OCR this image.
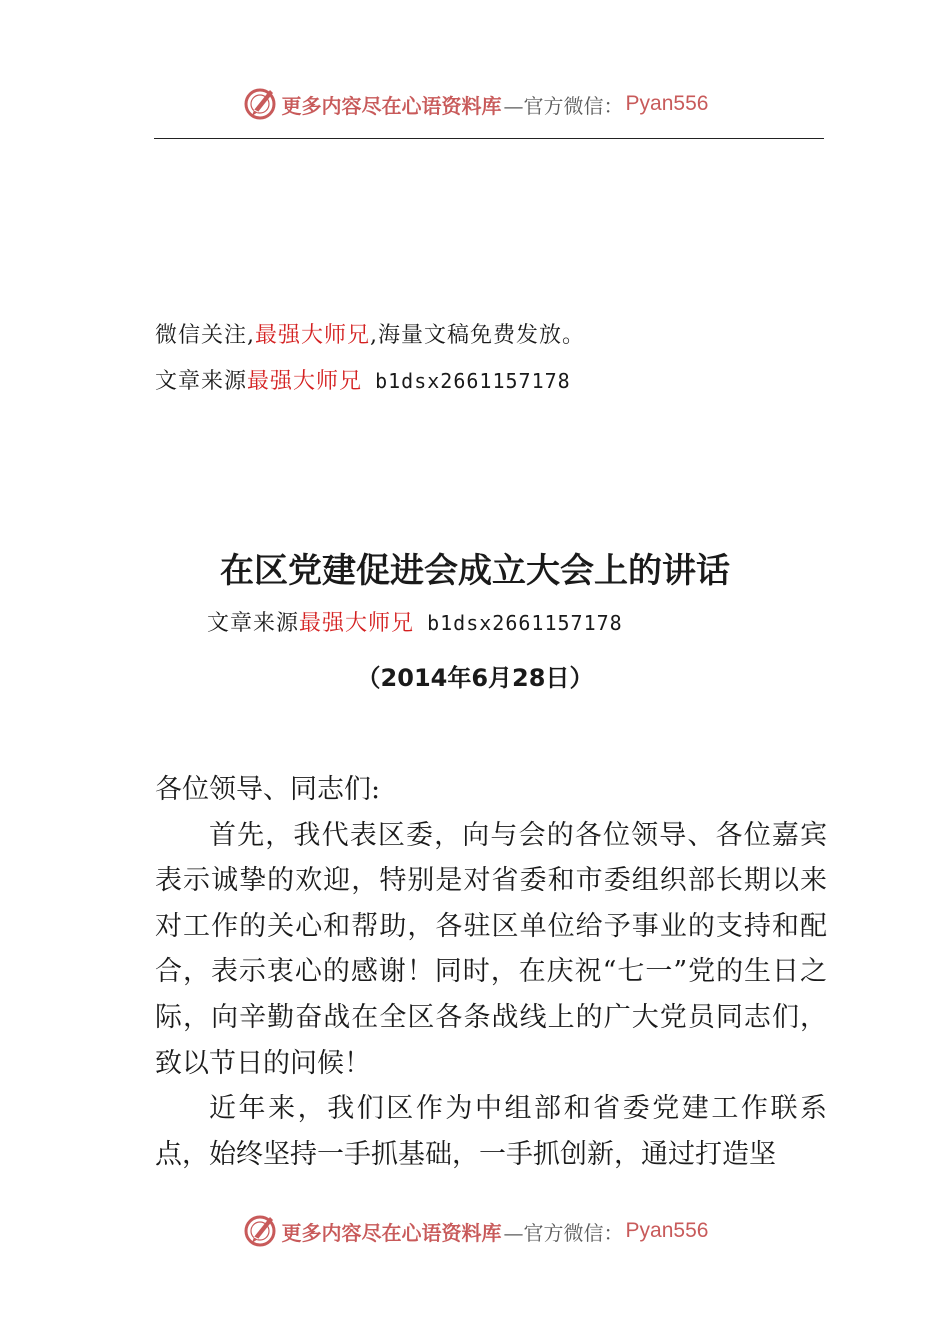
更多内容尽在心语资料库 —官方微信： Pyan556
微信关注,最强大师兄,海量文稿免费发放。
文章来源最强大师兄 b1dsx2661157178
在区党建促进会成立大会上的讲话
文章来源最强大师兄 b1dsx2661157178
（2014年6月28日）

各位领导、同志们:

首先，我代表区委，向与会的各位领导、各位嘉宾表示诚挚的欢迎，特别是对省委和市委组织部长期以来对工作的关心和帮助，各驻区单位给予事业的支持和配合，表示衷心的感谢！同时，在庆祝“七一”党的生日之际，向辛勤奋战在全区各条战线上的广大党员同志们，致以节日的问候！

近年来，我们区作为中组部和省委党建工作联系点，始终坚持一手抓基础，一手抓创新，通过打造坚

更多内容尽在心语资料库 —官方微信： Pyan556
